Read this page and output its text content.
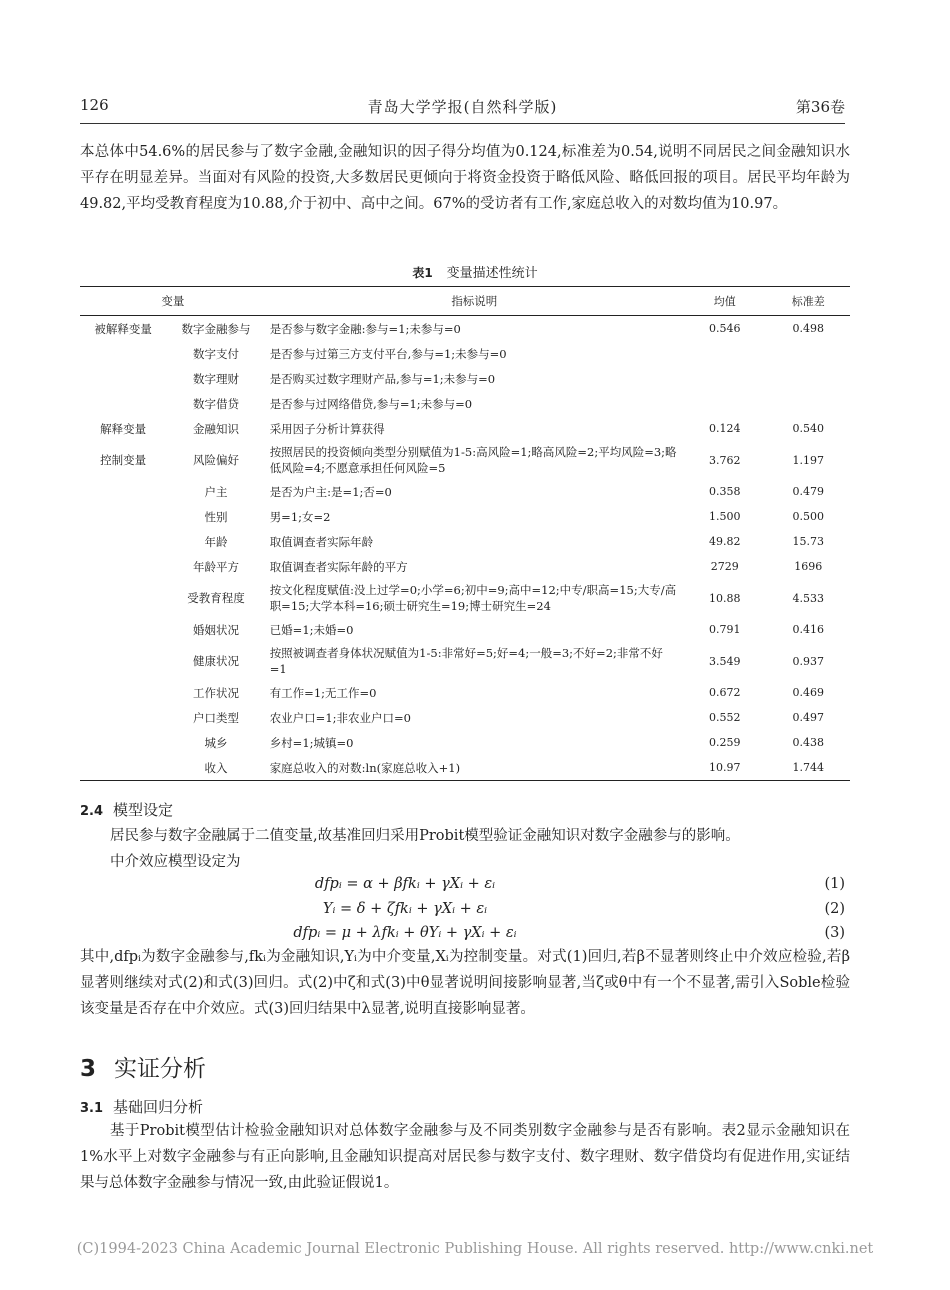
126	青岛大学学报(自然科学版)	第36卷

本总体中54.6%的居民参与了数字金融,金融知识的因子得分均值为0.124,标准差为0.54,说明不同居民之间金融知识水平存在明显差异。当面对有风险的投资,大多数居民更倾向于将资金投资于略低风险、略低回报的项目。居民平均年龄为49.82,平均受教育程度为10.88,介于初中、高中之间。67%的受访者有工作,家庭总收入的对数均值为10.97。

表1 变量描述性统计
变量		指标说明	均值	标准差
被解释变量	数字金融参与	是否参与数字金融:参与=1;未参与=0	0.546	0.498
	数字支付	是否参与过第三方支付平台,参与=1;未参与=0		
	数字理财	是否购买过数字理财产品,参与=1;未参与=0		
	数字借贷	是否参与过网络借贷,参与=1;未参与=0		
解释变量	金融知识	采用因子分析计算获得	0.124	0.540
控制变量	风险偏好	按照居民的投资倾向类型分别赋值为1-5:高风险=1;略高风险=2;平均风险=3;略低风险=4;不愿意承担任何风险=5	3.762	1.197
	户主	是否为户主:是=1;否=0	0.358	0.479
	性别	男=1;女=2	1.500	0.500
	年龄	取值调查者实际年龄	49.82	15.73
	年龄平方	取值调查者实际年龄的平方	2729	1696
	受教育程度	按文化程度赋值:没上过学=0;小学=6;初中=9;高中=12;中专/职高=15;大专/高职=15;大学本科=16;硕士研究生=19;博士研究生=24	10.88	4.533
	婚姻状况	已婚=1;未婚=0	0.791	0.416
	健康状况	按照被调查者身体状况赋值为1-5:非常好=5;好=4;一般=3;不好=2;非常不好=1	3.549	0.937
	工作状况	有工作=1;无工作=0	0.672	0.469
	户口类型	农业户口=1;非农业户口=0	0.552	0.497
	城乡	乡村=1;城镇=0	0.259	0.438
	收入	家庭总收入的对数:ln(家庭总收入+1)	10.97	1.744
2.4 模型设定

居民参与数字金融属于二值变量,故基准回归采用Probit模型验证金融知识对数字金融参与的影响。

中介效应模型设定为

dfpᵢ = α + βfkᵢ + γXᵢ + εᵢ	(1)
Yᵢ = δ + ζfkᵢ + γXᵢ + εᵢ	(2)
dfpᵢ = μ + λfkᵢ + θYᵢ + γXᵢ + εᵢ	(3)

其中,dfpᵢ为数字金融参与,fkᵢ为金融知识,Yᵢ为中介变量,Xᵢ为控制变量。对式(1)回归,若β不显著则终止中介效应检验,若β显著则继续对式(2)和式(3)回归。式(2)中ζ和式(3)中θ显著说明间接影响显著,当ζ或θ中有一个不显著,需引入Soble检验该变量是否存在中介效应。式(3)回归结果中λ显著,说明直接影响显著。

3 实证分析
3.1 基础回归分析

基于Probit模型估计检验金融知识对总体数字金融参与及不同类别数字金融参与是否有影响。表2显示金融知识在1%水平上对数字金融参与有正向影响,且金融知识提高对居民参与数字支付、数字理财、数字借贷均有促进作用,实证结果与总体数字金融参与情况一致,由此验证假说1。

(C)1994-2023 China Academic Journal Electronic Publishing House. All rights reserved. http://www.cnki.net
